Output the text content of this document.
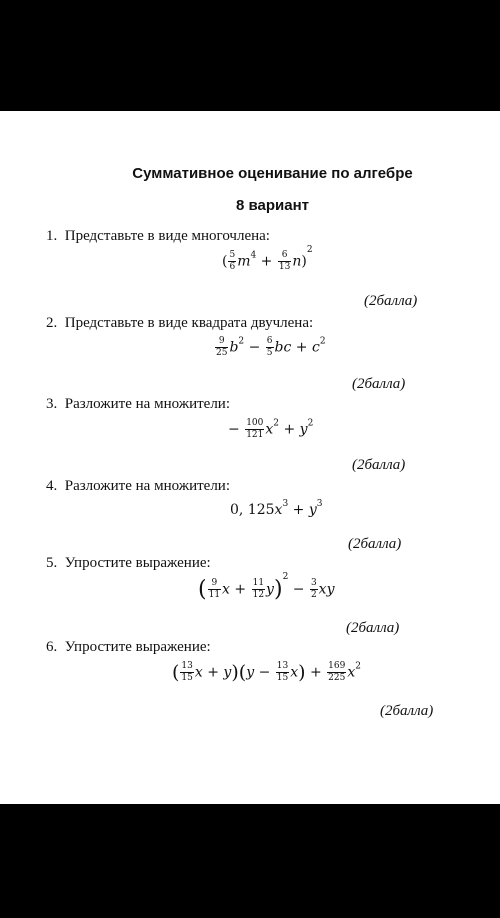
Суммативное оценивание по алгебре
8 вариант
1. Представьте в виде многочлена:
( $\frac{5}{6} m^4 + \frac{6}{13} n)^2$
(2балла)
2. Представьте в виде квадрата двучлена:
$\frac{9}{25} b^2 - \frac{6}{5}$ bc + $c^2$
(2балла)
3. Разложите на множители:
− $\frac{100}{121} x^2 + y^2$
(2балла)
4. Разложите на множители:
0, $125x^3 + y^3$
(2балла)
5. Упростите выражение:
( $\frac{9}{11}$ $x + \frac{11}{12} y)^2 - \frac{3}{2}$ xy
(2балла)
6. Упростите выражение:
( $\frac{13}{15}$ $x + y)(y - \frac{13}{15} x) + \frac{169}{225} x^2$
(2балла)
